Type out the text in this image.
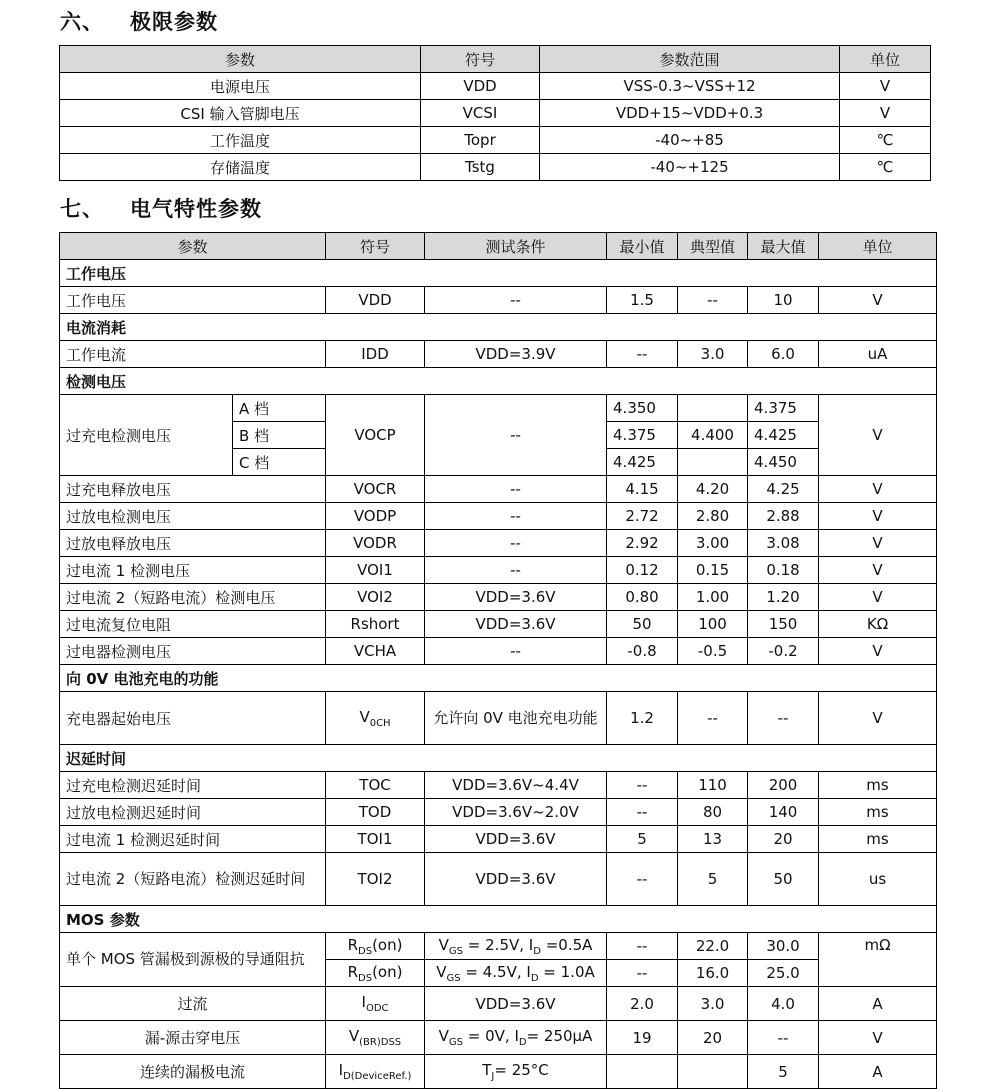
六、 极限参数
参数	符号	参数范围	单位
电源电压	VDD	VSS-0.3~VSS+12	V
CSI 输入管脚电压	VCSI	VDD+15~VDD+0.3	V
工作温度	Topr	-40~+85	℃
存储温度	Tstg	-40~+125	℃
七、 电气特性参数
参数		符号	测试条件	最小值	典型值	最大值	单位
工作电压							
工作电压		VDD	--	1.5	--	10	V
电流消耗							
工作电流		IDD	VDD=3.9V	--	3.0	6.0	uA
检测电压							
过充电检测电压	A 档	VOCP	--	4.350		4.375	V
	B 档			4.375	4.400	4.425	
	C 档			4.425		4.450	
过充电释放电压		VOCR	--	4.15	4.20	4.25	V
过放电检测电压		VODP	--	2.72	2.80	2.88	V
过放电释放电压		VODR	--	2.92	3.00	3.08	V
过电流 1 检测电压		VOI1	--	0.12	0.15	0.18	V
过电流 2（短路电流）检测电压		VOI2	VDD=3.6V	0.80	1.00	1.20	V
过电流复位电阻		Rshort	VDD=3.6V	50	100	150	KΩ
过电器检测电压		VCHA	--	-0.8	-0.5	-0.2	V
向 0V 电池充电的功能							
充电器起始电压		$V_{0CH}$	允许向 0V 电池充电功能	1.2	--	--	V
迟延时间							
过充电检测迟延时间		TOC	VDD=3.6V~4.4V	--	110	200	ms
过放电检测迟延时间		TOD	VDD=3.6V~2.0V	--	80	140	ms
过电流 1 检测迟延时间		TOI1	VDD=3.6V	5	13	20	ms
过电流 2（短路电流）检测迟延时间		TOI2	VDD=3.6V	--	5	50	us
MOS 参数							
单个 MOS 管漏极到源极的导通阻抗		$R_{DS}(on)$	$V_{GS} = 2.5V$, $I_D =0.5A$	--	22.0	30.0	mΩ
		$R_{DS}(on)$	$V_{GS} = 4.5V$, $I_D = 1.0A$	--	16.0	25.0	
过流		$I_{ODC}$	VDD=3.6V	2.0	3.0	4.0	A
漏-源击穿电压		$V_{(BR)DSS}$	$V_{GS} = 0V$, $I_D= 250\mu A$	19	20	--	V
连续的漏极电流		$I_{D(DeviceRef.)}$	$T_J= 25^\circ C$			5	A
